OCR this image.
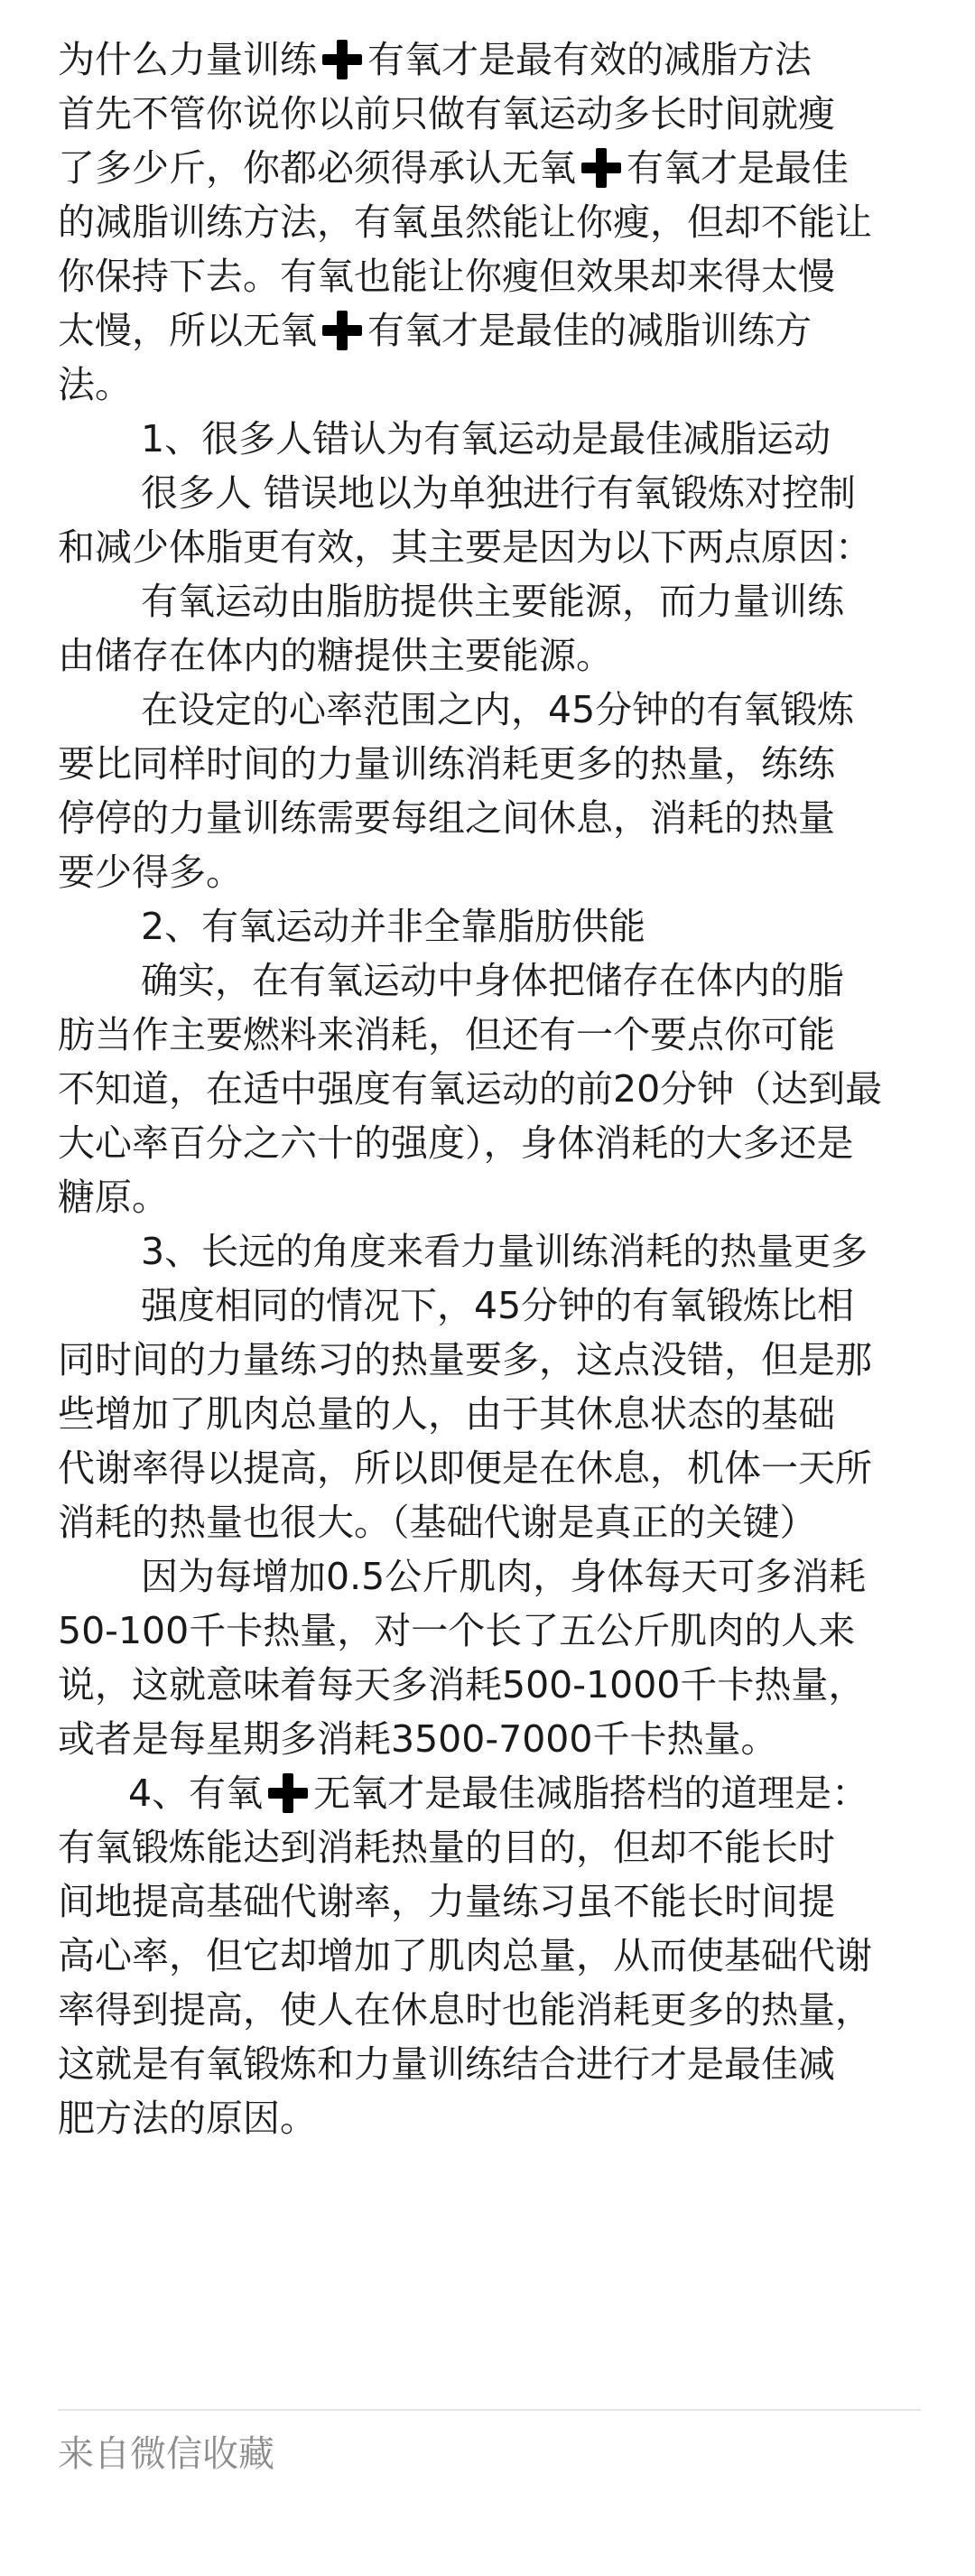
为什么力量训练 有氧才是最有效的减脂方法
首先不管你说你以前只做有氧运动多长时间就瘦
了多少斤，你都必须得承认无氧 有氧才是最佳
的减脂训练方法，有氧虽然能让你瘦，但却不能让
你保持下去。有氧也能让你瘦但效果却来得太慢
太慢，所以无氧 有氧才是最佳的减脂训练方
法。
1、很多人错认为有氧运动是最佳减脂运动
很多人 错误地以为单独进行有氧锻炼对控制
和减少体脂更有效，其主要是因为以下两点原因：
有氧运动由脂肪提供主要能源，而力量训练
由储存在体内的糖提供主要能源。
在设定的心率范围之内，45分钟的有氧锻炼
要比同样时间的力量训练消耗更多的热量，练练
停停的力量训练需要每组之间休息，消耗的热量
要少得多。
2、有氧运动并非全靠脂肪供能
确实，在有氧运动中身体把储存在体内的脂
肪当作主要燃料来消耗，但还有一个要点你可能
不知道，在适中强度有氧运动的前20分钟（达到最
大心率百分之六十的强度），身体消耗的大多还是
糖原。
3、长远的角度来看力量训练消耗的热量更多
强度相同的情况下，45分钟的有氧锻炼比相
同时间的力量练习的热量要多，这点没错，但是那
些增加了肌肉总量的人，由于其休息状态的基础
代谢率得以提高，所以即便是在休息，机体一天所
消耗的热量也很大。（基础代谢是真正的关键）
因为每增加0.5公斤肌肉，身体每天可多消耗
50-100千卡热量，对一个长了五公斤肌肉的人来
说，这就意味着每天多消耗500-1000千卡热量，
或者是每星期多消耗3500-7000千卡热量。
4、有氧 无氧才是最佳减脂搭档的道理是：
有氧锻炼能达到消耗热量的目的，但却不能长时
间地提高基础代谢率，力量练习虽不能长时间提
高心率，但它却增加了肌肉总量，从而使基础代谢
率得到提高，使人在休息时也能消耗更多的热量，
这就是有氧锻炼和力量训练结合进行才是最佳减
肥方法的原因。
来自微信收藏
